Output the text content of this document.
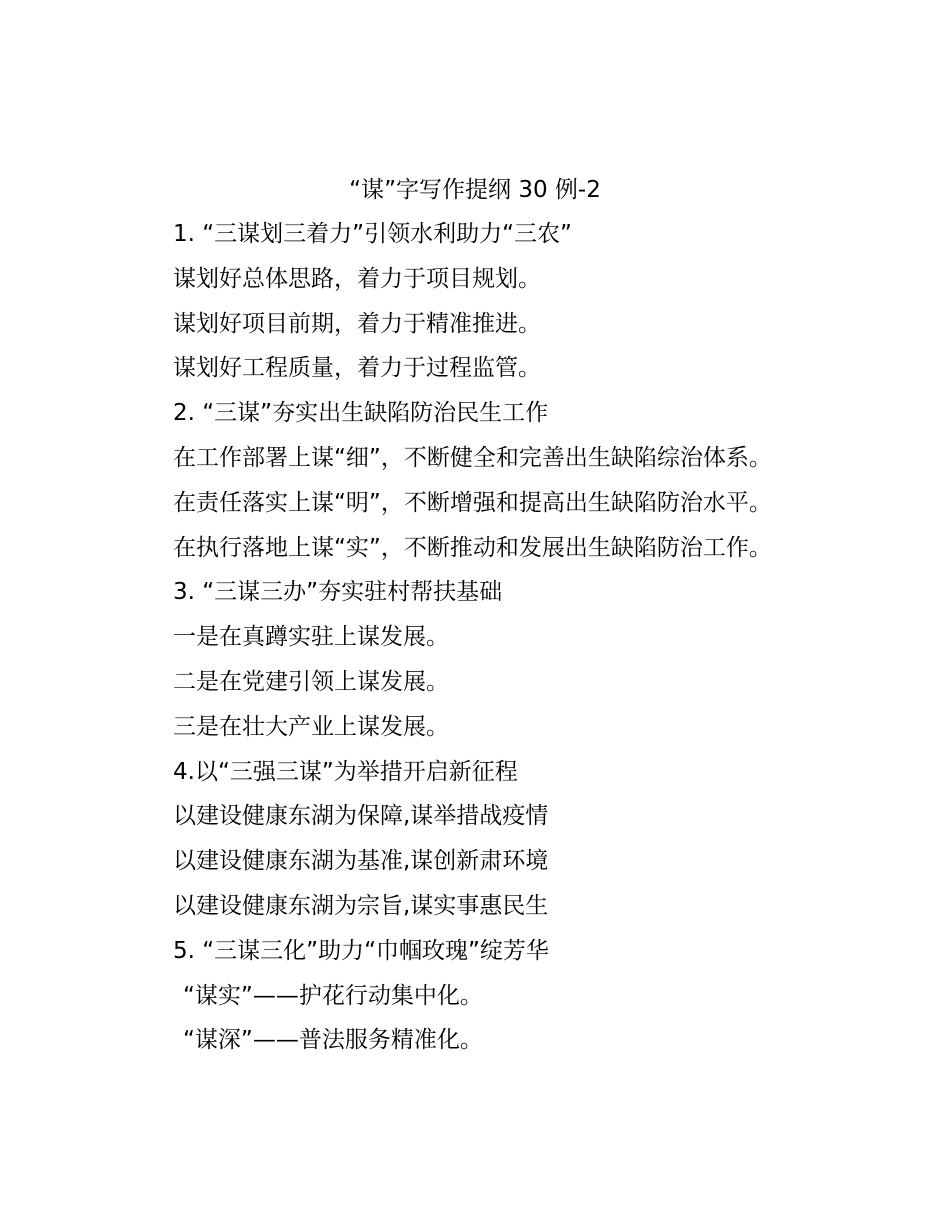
“谋”字写作提纲 30 例-2
1. “三谋划三着力”引领水利助力“三农”
谋划好总体思路，着力于项目规划。
谋划好项目前期，着力于精准推进。
谋划好工程质量，着力于过程监管。
2. “三谋”夯实出生缺陷防治民生工作
在工作部署上谋“细”，不断健全和完善出生缺陷综治体系。
在责任落实上谋“明”，不断增强和提高出生缺陷防治水平。
在执行落地上谋“实”，不断推动和发展出生缺陷防治工作。
3. “三谋三办”夯实驻村帮扶基础
一是在真蹲实驻上谋发展。
二是在党建引领上谋发展。
三是在壮大产业上谋发展。
4.以“三强三谋”为举措开启新征程
以建设健康东湖为保障,谋举措战疫情
以建设健康东湖为基准,谋创新肃环境
以建设健康东湖为宗旨,谋实事惠民生
5. “三谋三化”助力“巾帼玫瑰”绽芳华
“谋实”——护花行动集中化。
“谋深”——普法服务精准化。
